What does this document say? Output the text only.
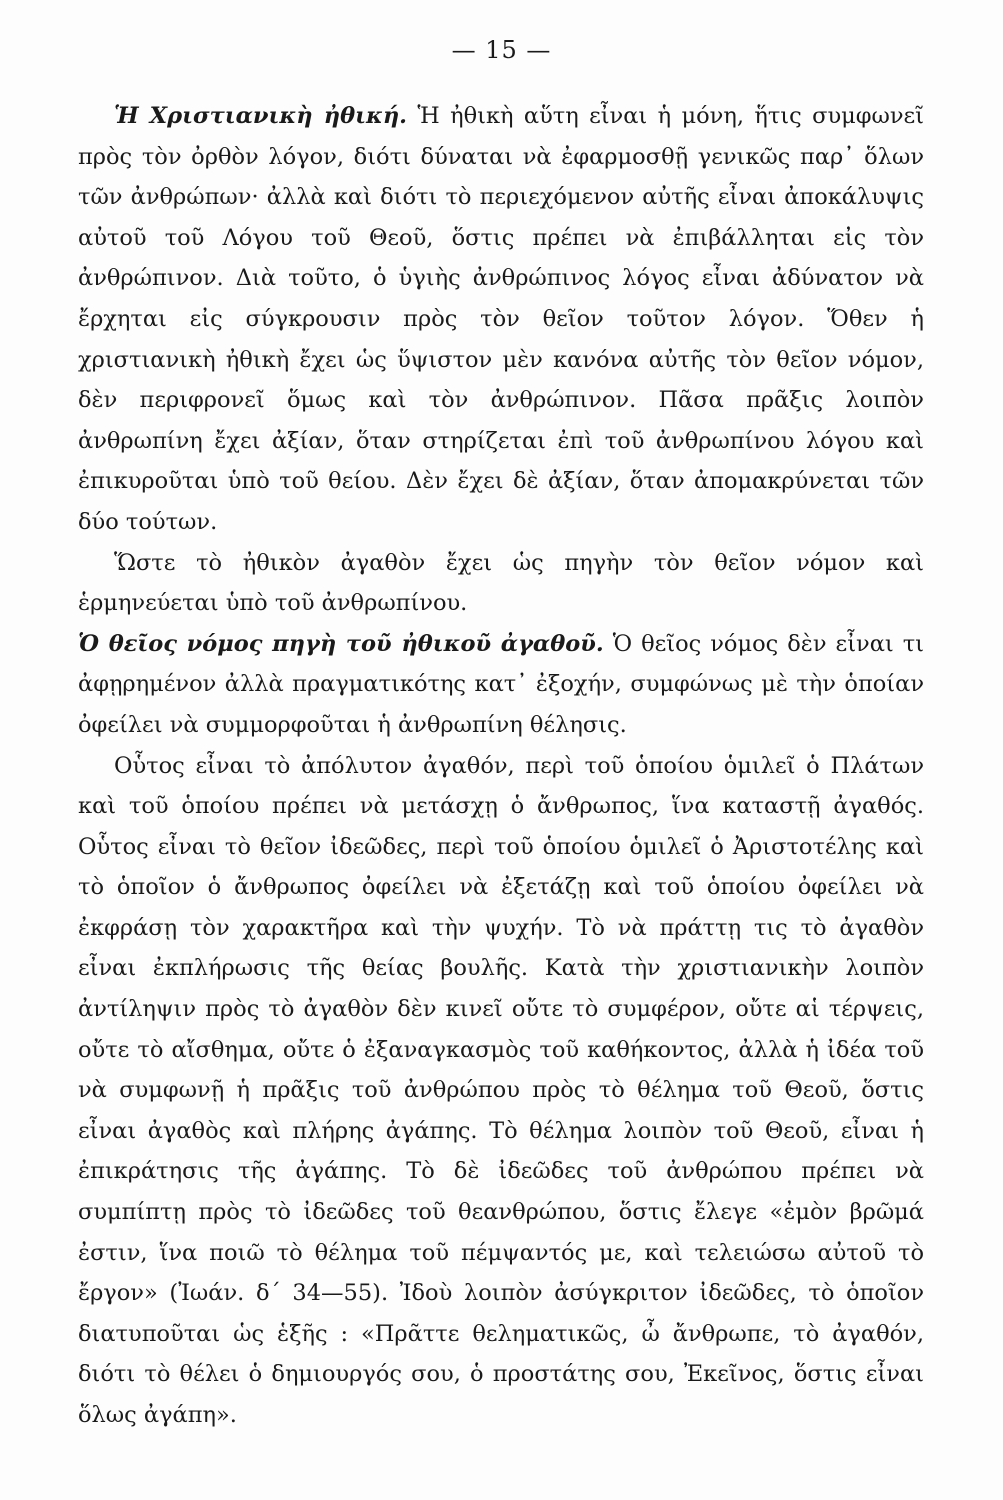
— 15 —

Ἡ Χριστιανικὴ ἠθική. Ἡ ἠθικὴ αὕτη εἶναι ἡ μόνη, ἥτις συμφωνεῖ πρὸς τὸν ὀρθὸν λόγον, διότι δύναται νὰ ἐφαρμοσθῇ γενικῶς παρ᾽ ὅλων τῶν ἀνθρώπων· ἀλλὰ καὶ διότι τὸ περιεχόμενον αὐτῆς εἶναι ἀποκάλυψις αὐτοῦ τοῦ Λόγου τοῦ Θεοῦ, ὅστις πρέπει νὰ ἐπιβάλληται εἰς τὸν ἀνθρώπινον. Διὰ τοῦτο, ὁ ὑγιὴς ἀνθρώπινος λόγος εἶναι ἀδύνατον νὰ ἔρχηται εἰς σύγκρουσιν πρὸς τὸν θεῖον τοῦτον λόγον. Ὅθεν ἡ χριστιανικὴ ἠθικὴ ἔχει ὡς ὕψιστον μὲν κανόνα αὐτῆς τὸν θεῖον νόμον, δὲν περιφρονεῖ ὅμως καὶ τὸν ἀνθρώπινον. Πᾶσα πρᾶξις λοιπὸν ἀνθρωπίνη ἔχει ἀξίαν, ὅταν στηρίζεται ἐπὶ τοῦ ἀνθρωπίνου λόγου καὶ ἐπικυροῦται ὑπὸ τοῦ θείου. Δὲν ἔχει δὲ ἀξίαν, ὅταν ἀπομακρύνεται τῶν δύο τούτων.

Ὥστε τὸ ἠθικὸν ἀγαθὸν ἔχει ὡς πηγὴν τὸν θεῖον νόμον καὶ ἑρμηνεύεται ὑπὸ τοῦ ἀνθρωπίνου.

Ὁ θεῖος νόμος πηγὴ τοῦ ἠθικοῦ ἀγαθοῦ. Ὁ θεῖος νόμος δὲν εἶναι τι ἀφῃρημένον ἀλλὰ πραγματικότης κατ᾽ ἐξοχήν, συμφώνως μὲ τὴν ὁποίαν ὀφείλει νὰ συμμορφοῦται ἡ ἀνθρωπίνη θέλησις.

Οὗτος εἶναι τὸ ἀπόλυτον ἀγαθόν, περὶ τοῦ ὁποίου ὁμιλεῖ ὁ Πλάτων καὶ τοῦ ὁποίου πρέπει νὰ μετάσχῃ ὁ ἄνθρωπος, ἵνα καταστῇ ἀγαθός. Οὗτος εἶναι τὸ θεῖον ἰδεῶδες, περὶ τοῦ ὁποίου ὁμιλεῖ ὁ Ἀριστοτέλης καὶ τὸ ὁποῖον ὁ ἄνθρωπος ὀφείλει νὰ ἐξετάζῃ καὶ τοῦ ὁποίου ὀφείλει νὰ ἐκφράσῃ τὸν χαρακτῆρα καὶ τὴν ψυχήν. Τὸ νὰ πράττῃ τις τὸ ἀγαθὸν εἶναι ἐκπλήρωσις τῆς θείας βουλῆς. Κατὰ τὴν χριστιανικὴν λοιπὸν ἀντίληψιν πρὸς τὸ ἀγαθὸν δὲν κινεῖ οὔτε τὸ συμφέρον, οὔτε αἱ τέρψεις, οὔτε τὸ αἴσθημα, οὔτε ὁ ἐξαναγκασμὸς τοῦ καθήκοντος, ἀλλὰ ἡ ἰδέα τοῦ νὰ συμφωνῇ ἡ πρᾶξις τοῦ ἀνθρώπου πρὸς τὸ θέλημα τοῦ Θεοῦ, ὅστις εἶναι ἀγαθὸς καὶ πλήρης ἀγάπης. Τὸ θέλημα λοιπὸν τοῦ Θεοῦ, εἶναι ἡ ἐπικράτησις τῆς ἀγάπης. Τὸ δὲ ἰδεῶδες τοῦ ἀνθρώπου πρέπει νὰ συμπίπτῃ πρὸς τὸ ἰδεῶδες τοῦ θεανθρώπου, ὅστις ἔλεγε «ἐμὸν βρῶμά ἐστιν, ἵνα ποιῶ τὸ θέλημα τοῦ πέμψαντός με, καὶ τελειώσω αὐτοῦ τὸ ἔργον» (Ἰωάν. δ´ 34—55). Ἰδοὺ λοιπὸν ἀσύγκριτον ἰδεῶδες, τὸ ὁποῖον διατυποῦται ὡς ἑξῆς : «Πρᾶττε θεληματικῶς, ὦ ἄνθρωπε, τὸ ἀγαθόν, διότι τὸ θέλει ὁ δημιουργός σου, ὁ προστάτης σου, Ἐκεῖνος, ὅστις εἶναι ὅλως ἀγάπη».
